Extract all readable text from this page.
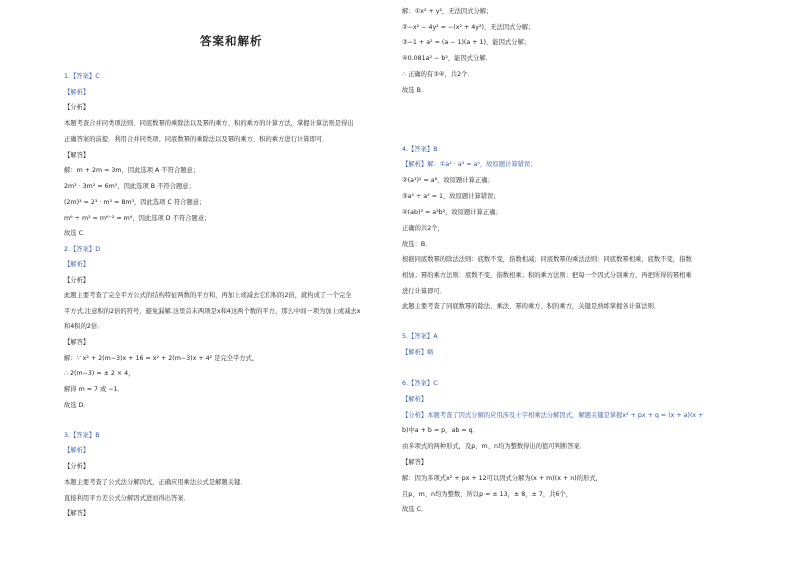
答案和解析
1.【答案】C
【解析】
【分析】
本题考查合并同类项法则、同底数幂的乘除法以及幂的乘方、积的乘方的计算方法，掌握计算法则是得出
正确答案的前提．利用合并同类项、同底数幂的乘除法以及幂的乘方、积的乘方进行计算即可．
【解答】
解：m + 2m = 3m，因此选项 A 不符合题意；
2m³ · 3m² = 6m⁵，因此选项 B 不符合题意；
(2m)³ = 2³ · m³ = 8m³，因此选项 C 符合题意；
m⁶ ÷ m² = m⁶⁻² = m⁴，因此选项 D 不符合题意；
故选 C．
2.【答案】D
【解析】
【分析】
此题主要考查了完全平方公式的结构特征两数的平方和，再加上或减去它们积的2倍，就构成了一个完全
平方式.注意积的2倍的符号，避免漏解.这里首末两项是x和4这两个数的平方，那么中间一项为加上或减去x
和4积的2倍．
【解答】
解：∵ x² + 2(m−3)x + 16 = x² + 2(m−3)x + 4² 是完全平方式，
∴ 2(m−3) = ± 2 × 4，
解得 m = 7 或 −1．
故选 D．
3.【答案】B
【解析】
【分析】
本题主要考查了公式法分解因式，正确应用乘法公式是解题关键．
直接利用平方差公式分解因式进而得出答案．
【解答】
解：①x² + y²，无法因式分解；
②−x² − 4y² = −(x² + 4y²)，无法因式分解；
③−1 + a² = (a − 1)(a + 1)，能因式分解；
④0.081a² − b²，能因式分解．
∴ 正确的有③④，共2个．
故选 B．
4.【答案】B
【解析】解：①a² · a³ = a⁵，故原题计算错误；
②(a³)² = a⁶，故原题计算正确；
③a⁵ ÷ a⁵ = 1，故原题计算错误；
④(ab)³ = a³b³，故原题计算正确；
正确的共2个，
故选：B．
根据同底数幂的除法法则：底数不变，指数相减；同底数幂的乘法法则：同底数幂相乘，底数不变，指数
相加；幂的乘方法则：底数不变，指数相乘；积的乘方法则：把每一个因式分别乘方，再把所得的幂相乘
进行计算即可．
此题主要考查了同底数幂的除法、乘法、幂的乘方、积的乘方，关键是熟练掌握各计算法则．
5.【答案】A
【解析】略
6.【答案】C
【解析】
【分析】本题考查了因式分解的应用涉及十字相乘法分解因式，解题关键是掌握x² + px + q = (x + a)(x +
b)中a + b = p，ab = q．
由多项式的两种形式，及p、m、n均为整数得出的值可判断答案．
【解答】
解：因为多项式x² + px + 12可以因式分解为(x + m)(x + n)的形式，
且p、m、n均为整数，所以p = ± 13，± 8，± 7，共6个，
故选 C．
